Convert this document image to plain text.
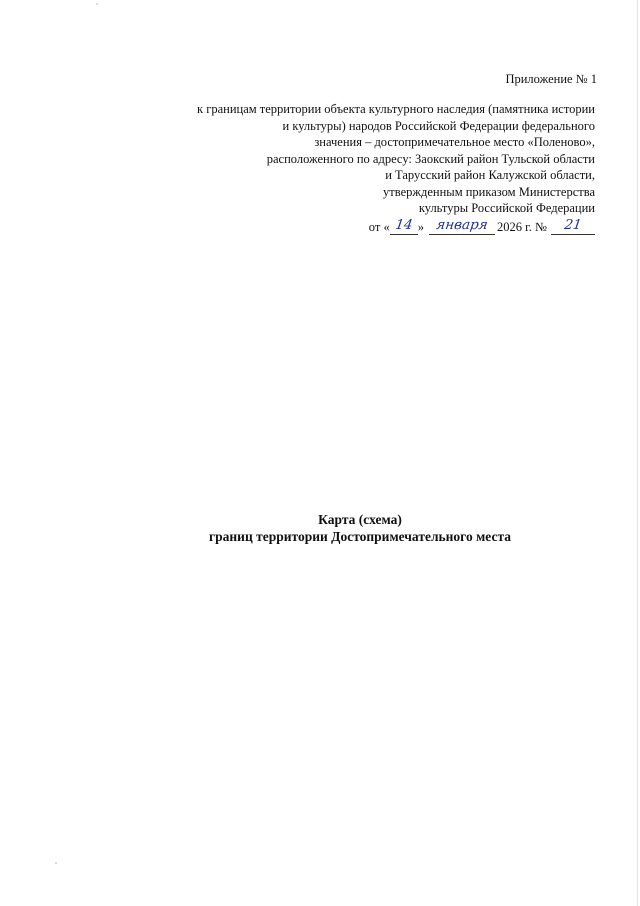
Приложение № 1
к границам территории объекта культурного наследия (памятника истории
и культуры) народов Российской Федерации федерального
значения – достопримечательное место «Поленово»,
расположенного по адресу: Заокский район Тульской области
и Тарусский район Калужской области,
утвержденным приказом Министерства
культуры Российской Федерации
от « 14 » января 2026 г. №	21
Карта (схема)
границ территории Достопримечательного места
